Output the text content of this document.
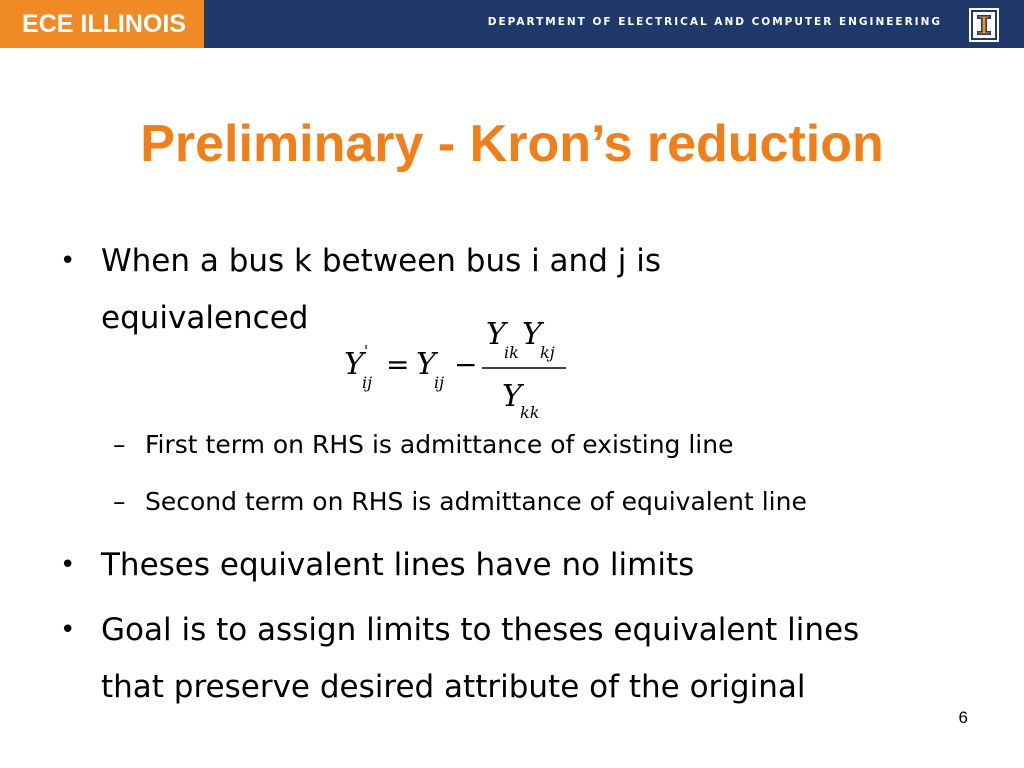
ECE ILLINOIS	DEPARTMENT OF ELECTRICAL AND COMPUTER ENGINEERING
Preliminary - Kron’s reduction
• When a bus k between bus i and j is
equivalenced
Y '
ij
= Y
ij
−
Y
ik
Y
kj
Y
kk
– First term on RHS is admittance of existing line
– Second term on RHS is admittance of equivalent line
• Theses equivalent lines have no limits
• Goal is to assign limits to theses equivalent lines
that preserve desired attribute of the original
6
